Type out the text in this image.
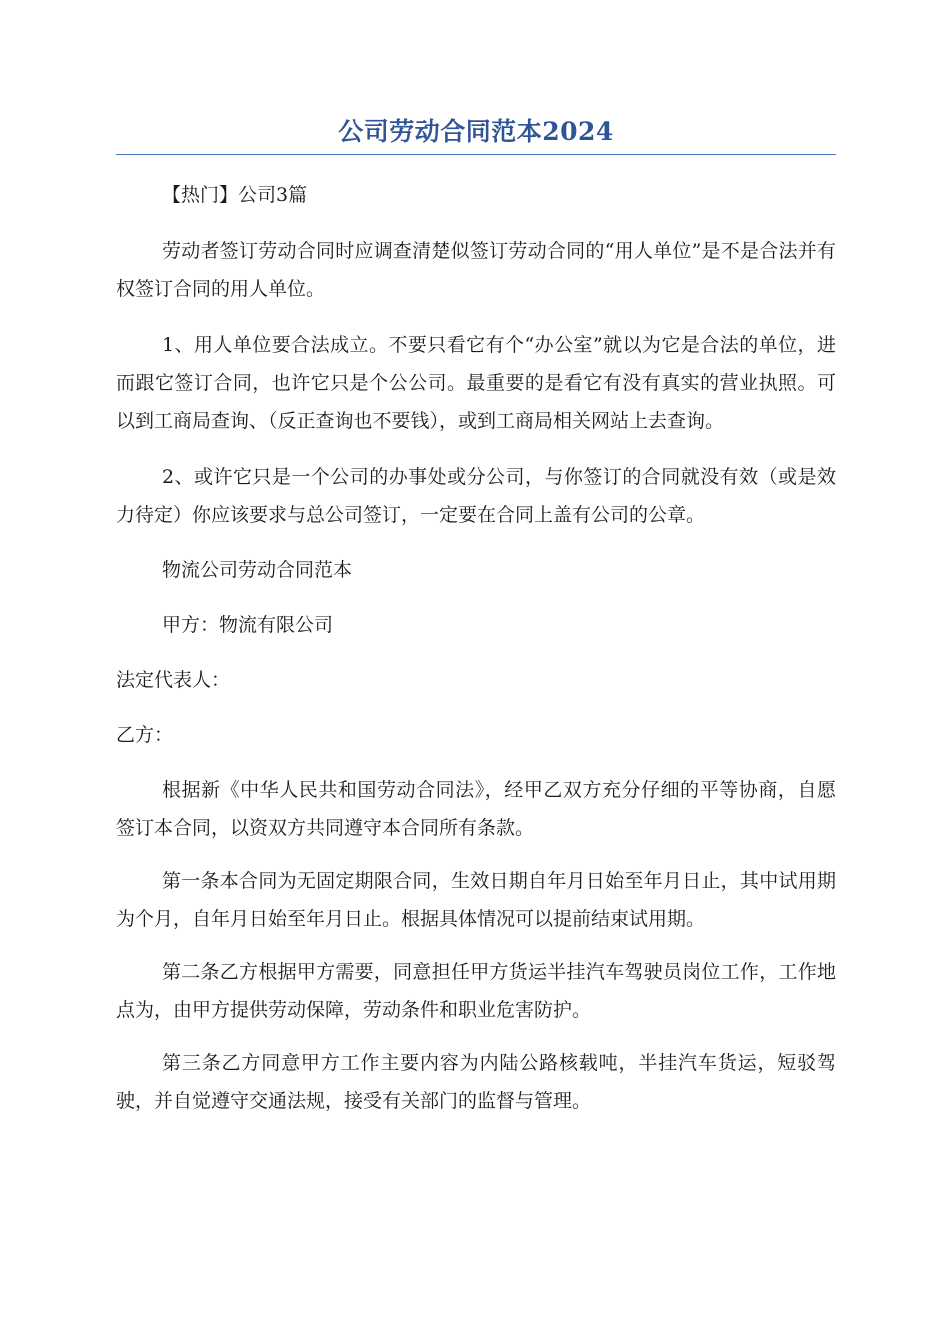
公司劳动合同范本2024

【热门】公司3篇

劳动者签订劳动合同时应调查清楚似签订劳动合同的“用人单位”是不是合法并有权签订合同的用人单位。

1、用人单位要合法成立。不要只看它有个“办公室”就以为它是合法的单位，进而跟它签订合同，也许它只是个公公司。最重要的是看它有没有真实的营业执照。可以到工商局查询、（反正查询也不要钱），或到工商局相关网站上去查询。

2、或许它只是一个公司的办事处或分公司，与你签订的合同就没有效（或是效力待定）你应该要求与总公司签订，一定要在合同上盖有公司的公章。

物流公司劳动合同范本

甲方：物流有限公司

法定代表人：

乙方：

根据新《中华人民共和国劳动合同法》，经甲乙双方充分仔细的平等协商，自愿签订本合同，以资双方共同遵守本合同所有条款。

第一条本合同为无固定期限合同，生效日期自年月日始至年月日止，其中试用期为个月，自年月日始至年月日止。根据具体情况可以提前结束试用期。

第二条乙方根据甲方需要，同意担任甲方货运半挂汽车驾驶员岗位工作，工作地点为，由甲方提供劳动保障，劳动条件和职业危害防护。

第三条乙方同意甲方工作主要内容为内陆公路核载吨，半挂汽车货运，短驳驾驶，并自觉遵守交通法规，接受有关部门的监督与管理。
